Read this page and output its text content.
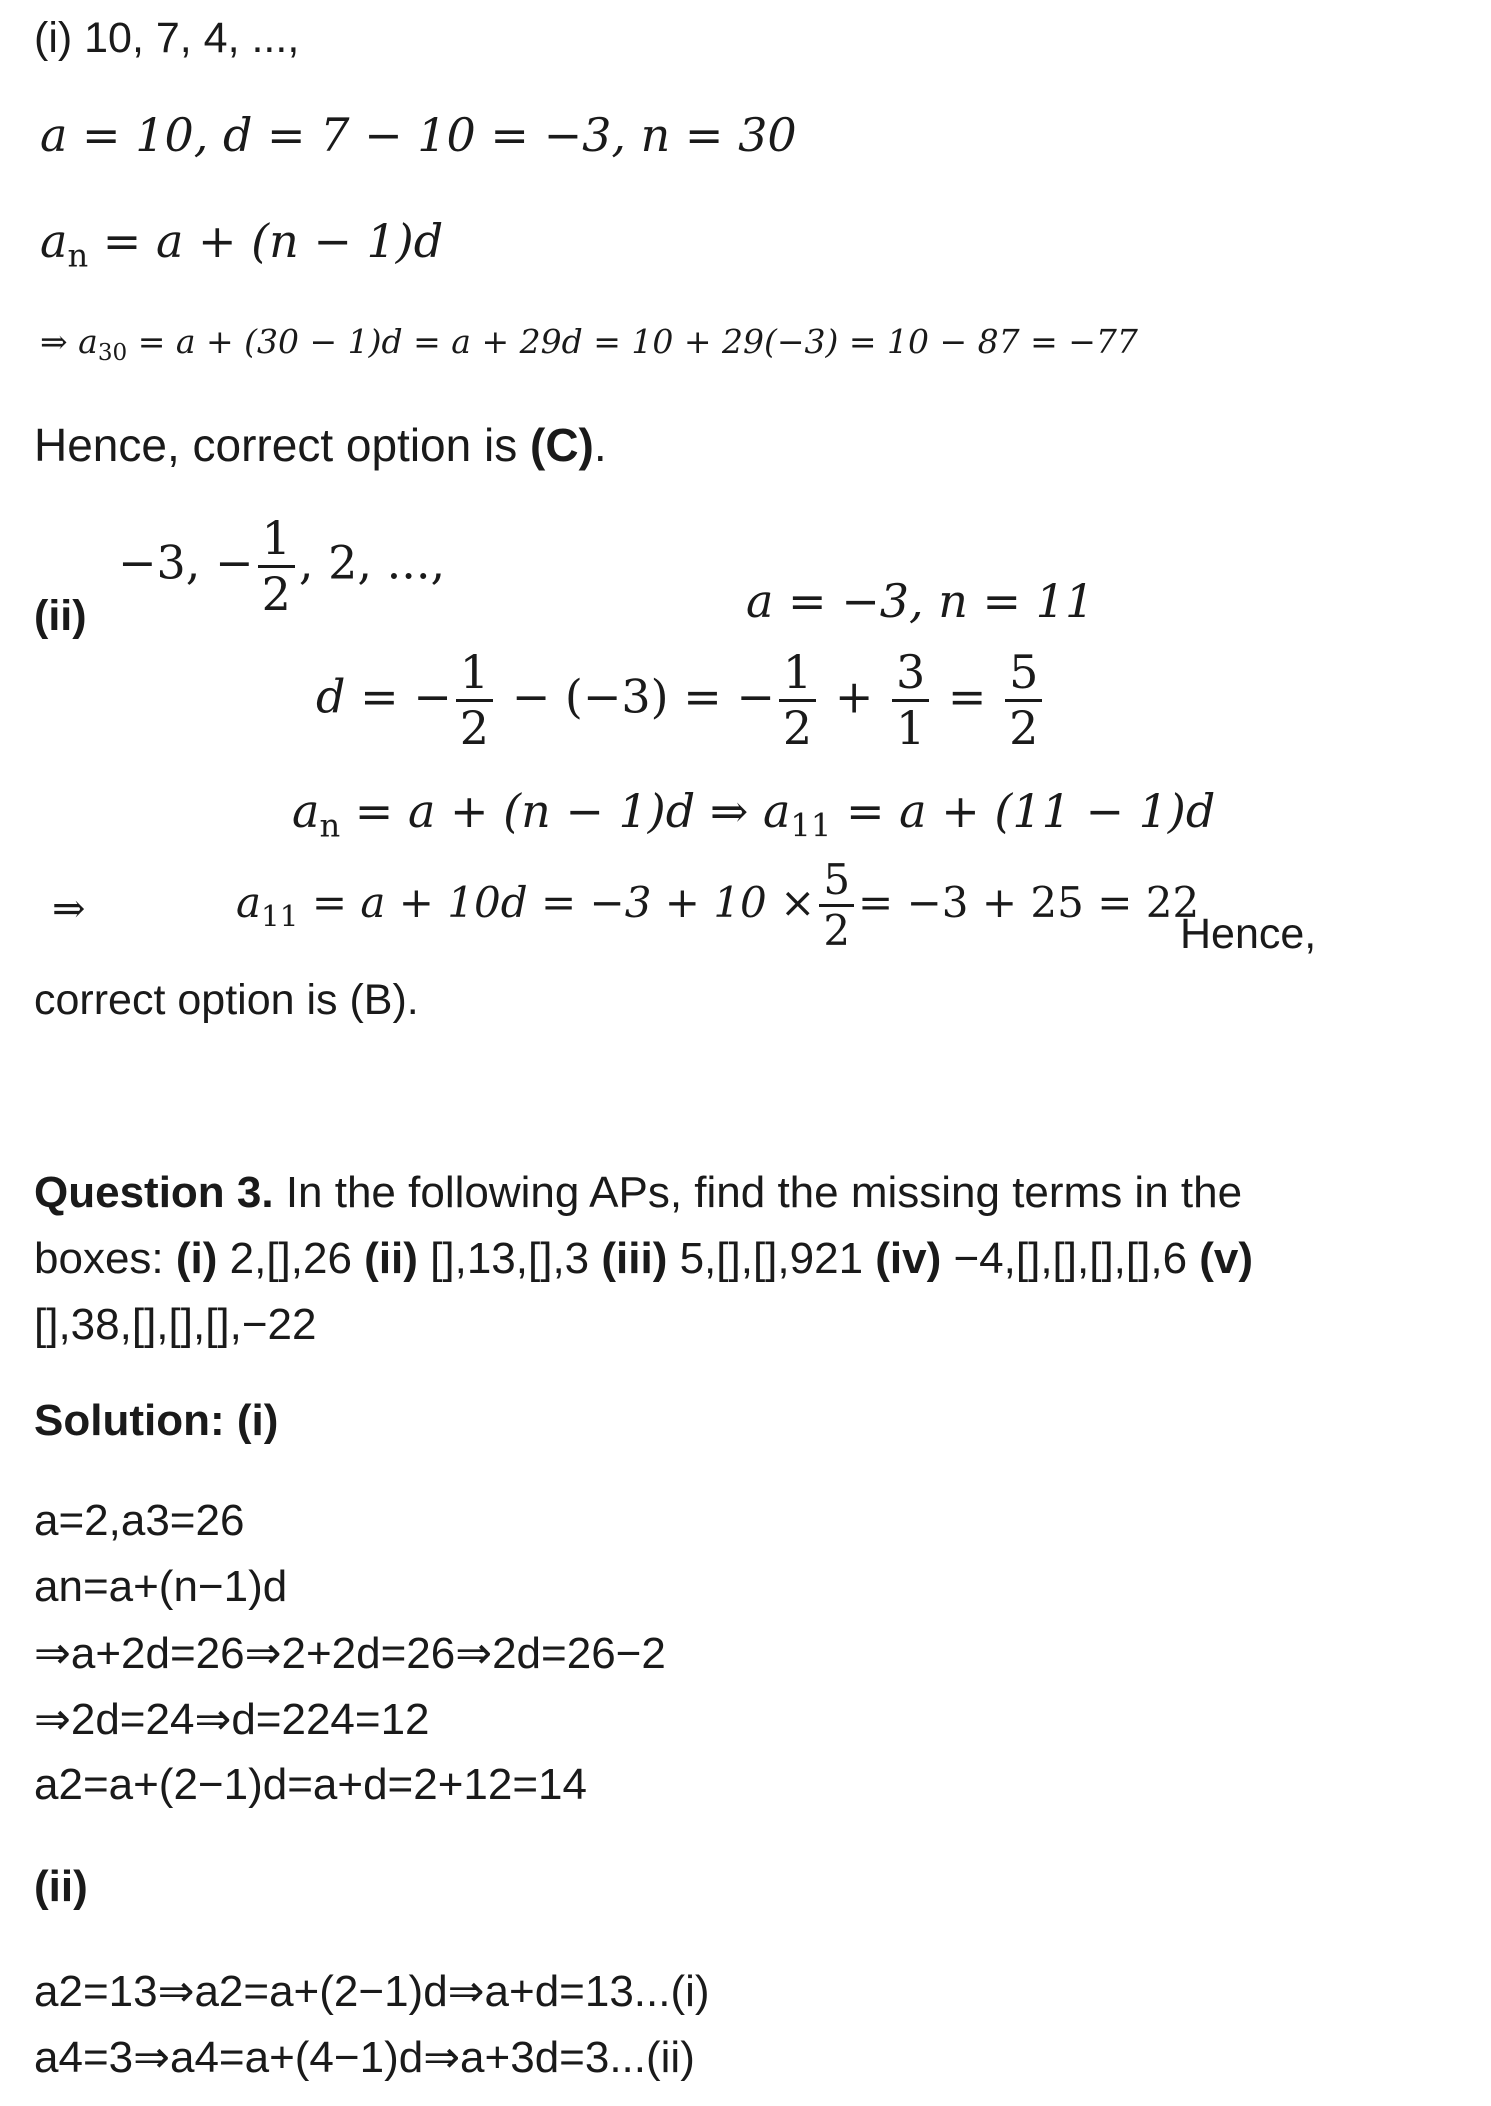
(i) 10, 7, 4, ...,
a = 10, d = 7 − 10 = −3, n = 30
$a_n = a + (n - 1)d$
⇒ $a_{30} = a + (30 - 1)d = a + 29d = 10 + 29(-3) = 10 - 87 = -77$
Hence, correct option is (C).
(ii)
−3, − $\frac{1}{2}$ , 2, ...,
a = −3, n = 11
d = − $\frac{1}{2} - (-3)$ = − $\frac{1}{2} + \frac{3}{1} = \frac{5}{2}$
$a_n = a + (n - 1)d$ ⇒ $a_{11} = a + (11 - 1)d$
⇒	$a_{11} = a + 10d = -3 + 10 \times \frac{5}{2} = -3 + 25 = 22$
Hence,
correct option is (B).
Question 3. In the following APs, find the missing terms in the
boxes: (i) 2,[],26 (ii) [],13,[],3 (iii) 5,[],[],921 (iv) −4,[],[],[],[],6 (v)
[],38,[],[],[],−22
Solution: (i)
a=2,a3=26
an=a+(n−1)d
⇒a+2d=26⇒2+2d=26⇒2d=26−2
⇒2d=24⇒d=224=12
a2=a+(2−1)d=a+d=2+12=14
(ii)
a2=13⇒a2=a+(2−1)d⇒a+d=13...(i)
a4=3⇒a4=a+(4−1)d⇒a+3d=3...(ii)
